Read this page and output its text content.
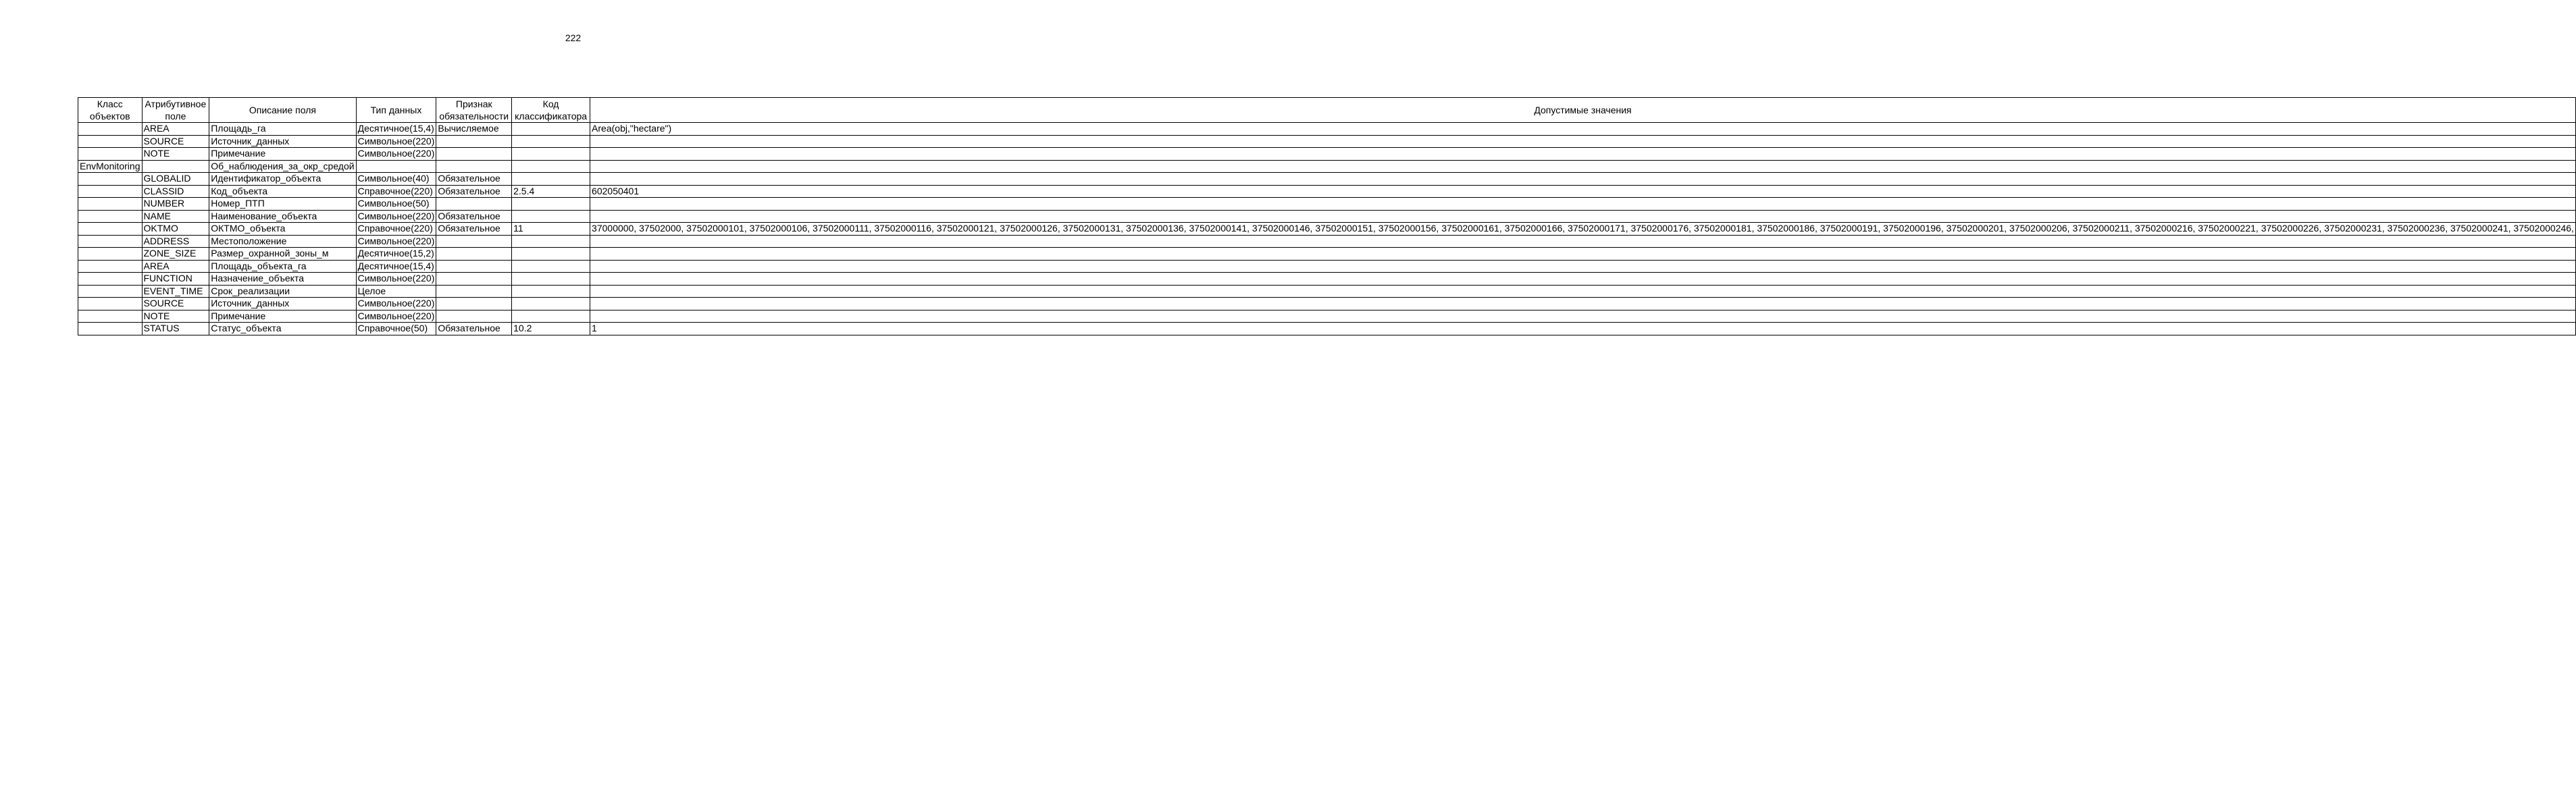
222
Класс объектов	Атрибутивное поле	Описание поля	Тип данных	Признак обязательности	Код классификатора	Допустимые значения
	AREA	Площадь_га	Десятичное(15,4)	Вычисляемое		Area(obj,"hectare")
	SOURCE	Источник_данных	Символьное(220)			
	NOTE	Примечание	Символьное(220)			
EnvMonitoring		Об_наблюдения_за_окр_средой				
	GLOBALID	Идентификатор_объекта	Символьное(40)	Обязательное		
	CLASSID	Код_объекта	Справочное(220)	Обязательное	2.5.4	602050401
	NUMBER	Номер_ПТП	Символьное(50)			
	NAME	Наименование_объекта	Символьное(220)	Обязательное		
	OKTMO	ОКТМО_объекта	Справочное(220)	Обязательное	11	37000000, 37502000, 37502000101, 37502000106, 37502000111, 37502000116, 37502000121, 37502000126, 37502000131, 37502000136, 37502000141, 37502000146, 37502000151, 37502000156, 37502000161, 37502000166, 37502000171, 37502000176, 37502000181, 37502000186, 37502000191, 37502000196, 37502000201, 37502000206, 37502000211, 37502000216, 37502000221, 37502000226, 37502000231, 37502000236, 37502000241, 37502000246,
	ADDRESS	Местоположение	Символьное(220)			
	ZONE_SIZE	Размер_охранной_зоны_м	Десятичное(15,2)			
	AREA	Площадь_объекта_га	Десятичное(15,4)			
	FUNCTION	Назначение_объекта	Символьное(220)			
	EVENT_TIME	Срок_реализации	Целое			
	SOURCE	Источник_данных	Символьное(220)			
	NOTE	Примечание	Символьное(220)			
	STATUS	Статус_объекта	Справочное(50)	Обязательное	10.2	1
